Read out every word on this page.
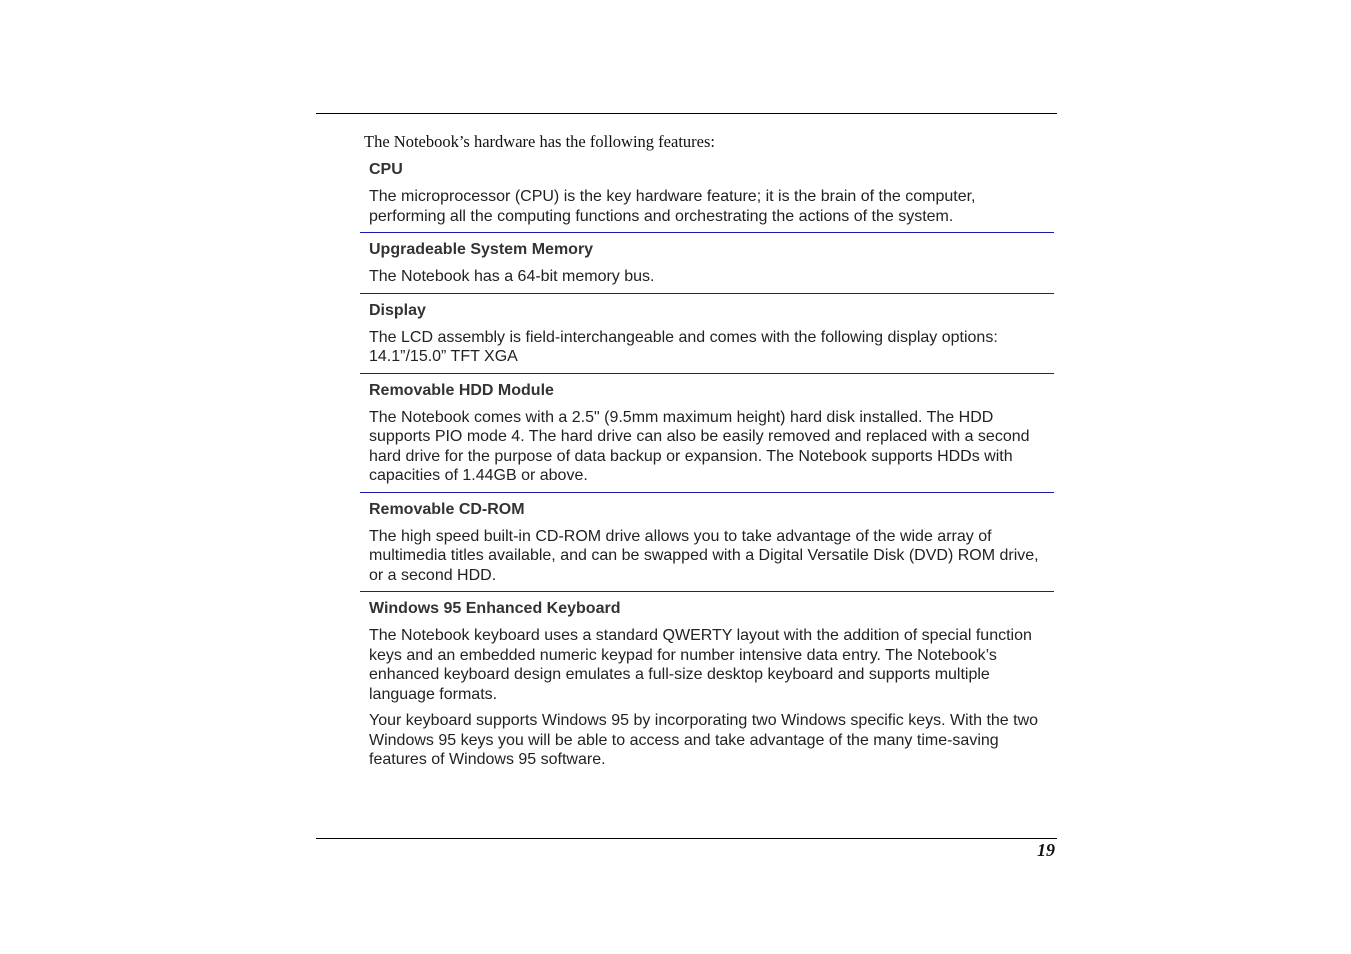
The Notebook’s hardware has the following features:
CPU

The microprocessor (CPU) is the key hardware feature; it is the brain of the computer, performing all the computing functions and orchestrating the actions of the system.

Upgradeable System Memory

The Notebook has a 64-bit memory bus.

Display

The LCD assembly is field-interchangeable and comes with the following display options: 14.1”/15.0” TFT XGA

Removable HDD Module

The Notebook comes with a 2.5" (9.5mm maximum height) hard disk installed. The HDD supports PIO mode 4. The hard drive can also be easily removed and replaced with a second hard drive for the purpose of data backup or expansion. The Notebook supports HDDs with capacities of 1.44GB or above.

Removable CD-ROM

The high speed built-in CD-ROM drive allows you to take advantage of the wide array of multimedia titles available, and can be swapped with a Digital Versatile Disk (DVD) ROM drive, or a second HDD.

Windows 95 Enhanced Keyboard

The Notebook keyboard uses a standard QWERTY layout with the addition of special function keys and an embedded numeric keypad for number intensive data entry. The Notebook’s enhanced keyboard design emulates a full-size desktop keyboard and supports multiple language formats.

Your keyboard supports Windows 95 by incorporating two Windows specific keys. With the two Windows 95 keys you will be able to access and take advantage of the many time-saving features of Windows 95 software.

19
